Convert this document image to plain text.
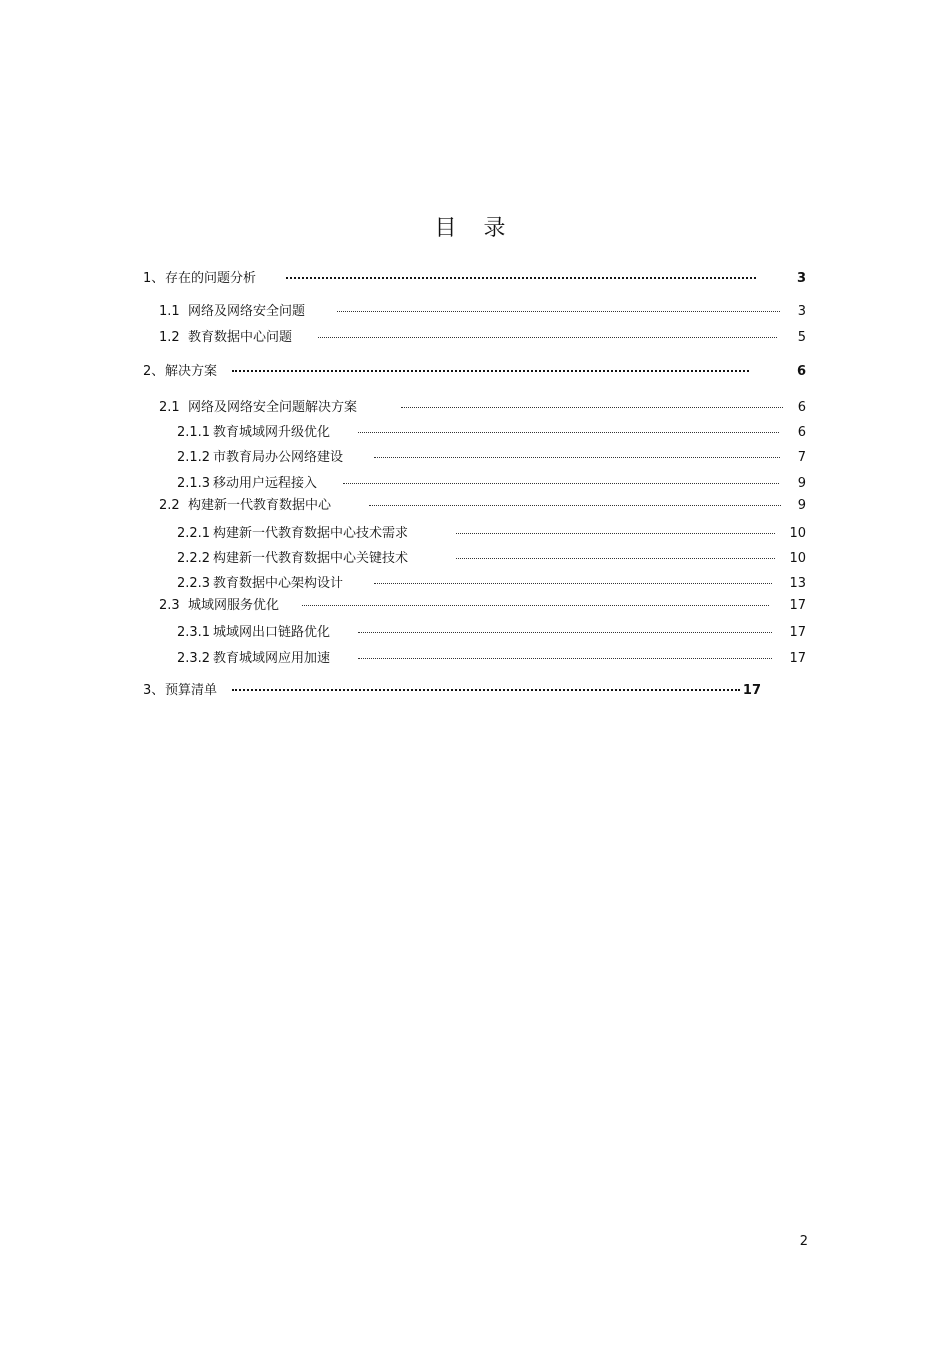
目 录
1、 存在的问题分析	3
1.1 网络及网络安全问题	3
1.2 教育数据中心问题	5
2、 解决方案	6
2.1 网络及网络安全问题解决方案	6
2.1.1 教育城域网升级优化	6
2.1.2 市教育局办公网络建设	7
2.1.3 移动用户远程接入	9
2.2 构建新一代教育数据中心	9
2.2.1 构建新一代教育数据中心技术需求	10
2.2.2 构建新一代教育数据中心关键技术	10
2.2.3 教育数据中心架构设计	13
2.3 城域网服务优化	17
2.3.1 城域网出口链路优化	17
2.3.2 教育城域网应用加速	17
3、 预算清单	17
2
